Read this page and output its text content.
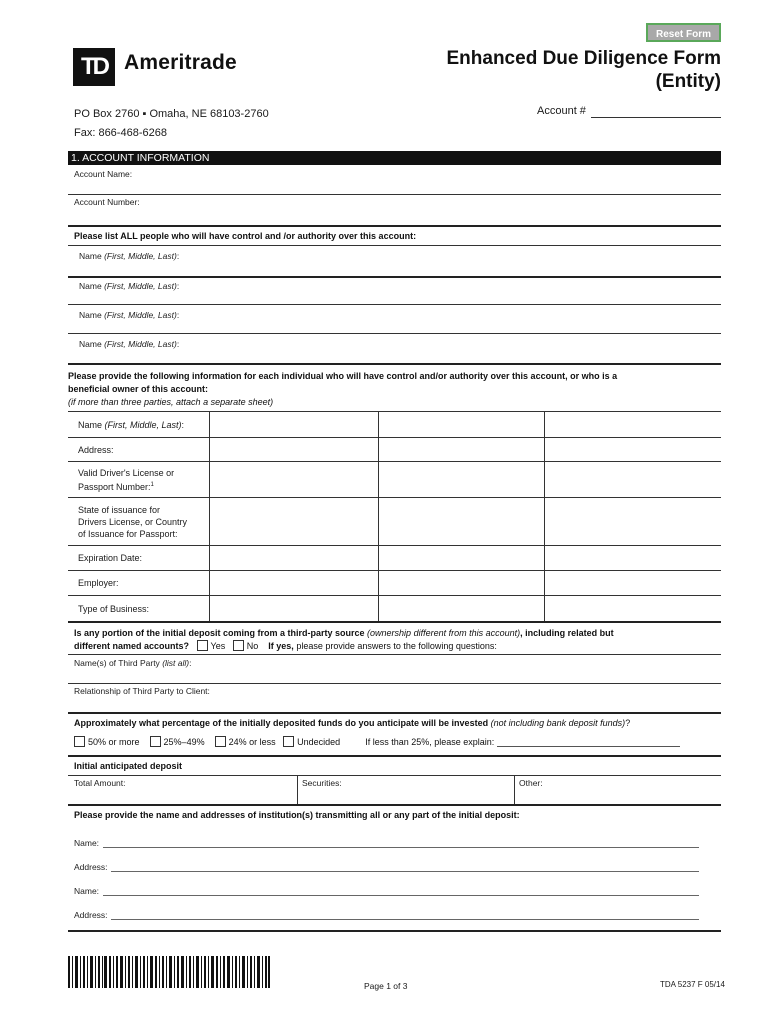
Reset Form
TD Ameritrade	Enhanced Due Diligence Form
(Entity)
PO Box 2760 ▪ Omaha, NE 68103-2760
Fax: 866-468-6268
Account #
1. ACCOUNT INFORMATION
Account Name:
Account Number:
Please list ALL people who will have control and /or authority over this account:
Name (First, Middle, Last):
Name (First, Middle, Last):
Name (First, Middle, Last):
Name (First, Middle, Last):
Please provide the following information for each individual who will have control and/or authority over this account, or who is a
beneficial owner of this account:
(if more than three parties, attach a separate sheet)
Name (First, Middle, Last):			
Address:			

Valid Driver's License or
Passport Number:$^1$

State of issuance for
Drivers License, or Country
of Issuance for Passport:			

Expiration Date:			
Employer:			
Type of Business:			
Is any portion of the initial deposit coming from a third-party source (ownership different from this account), including related but
different named accounts? Yes No If yes, please provide answers to the following questions:
Name(s) of Third Party (list all):
Relationship of Third Party to Client:
Approximately what percentage of the initially deposited funds do you anticipate will be invested (not including bank deposit funds)?
50% or more	25%–49%	24% or less Undecided	If less than 25%, please explain:
Initial anticipated deposit
Total Amount:	Securities:	Other:
Please provide the name and addresses of institution(s) transmitting all or any part of the initial deposit:
Name:
Address:
Name:
Address:
Page 1 of 3	TDA 5237 F 05/14
